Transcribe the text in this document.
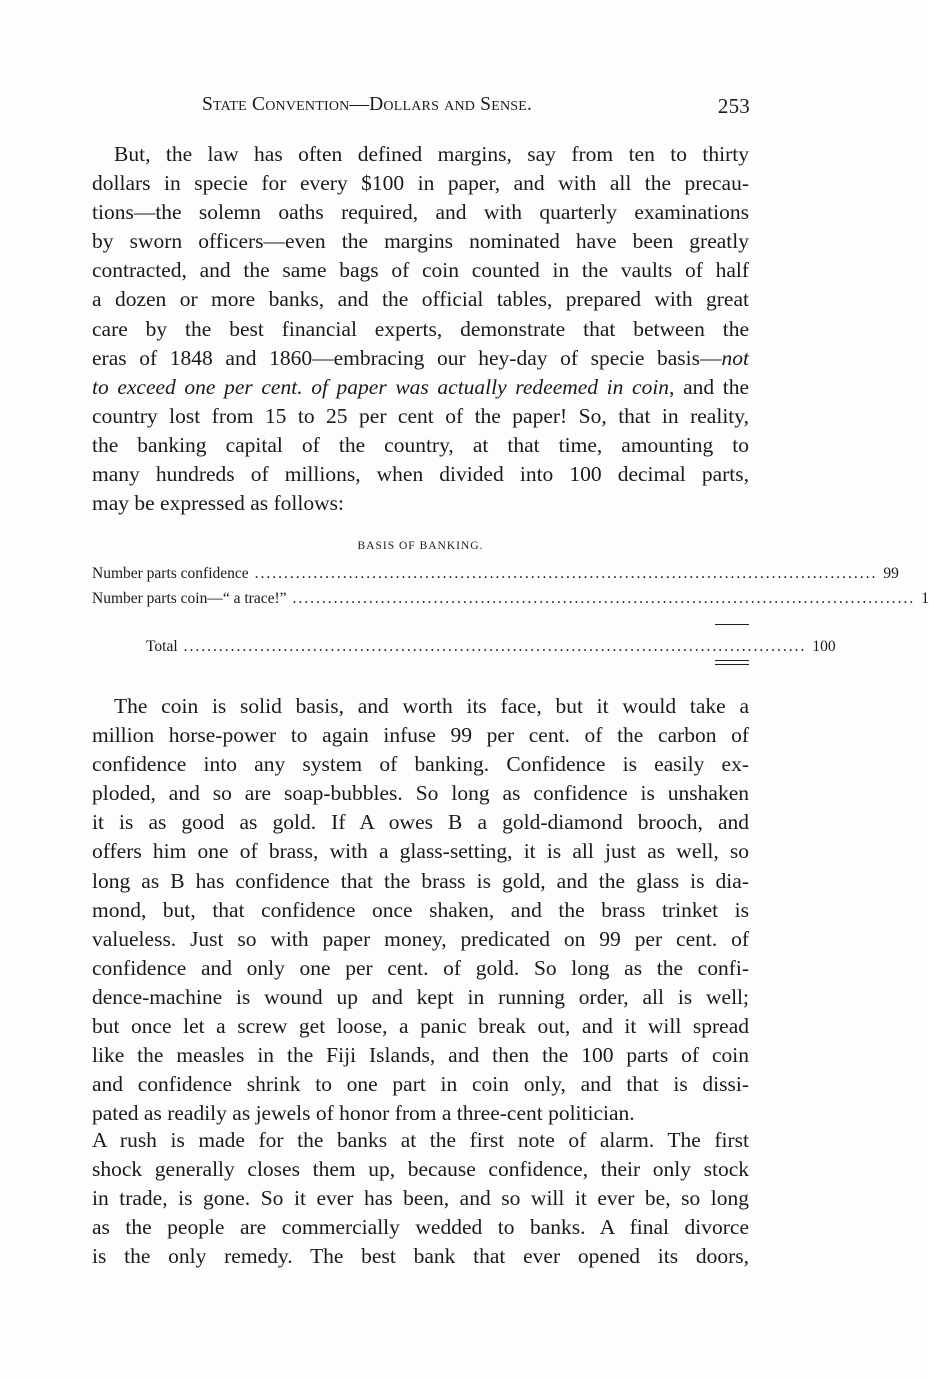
State Convention—Dollars and Sense.	253
But, the law has often defined margins, say from ten to thirty
dollars in specie for every $100 in paper, and with all the precau-
tions—the solemn oaths required, and with quarterly examinations
by sworn officers—even the margins nominated have been greatly
contracted, and the same bags of coin counted in the vaults of half
a dozen or more banks, and the official tables, prepared with great
care by the best financial experts, demonstrate that between the
eras of 1848 and 1860—embracing our hey-day of specie basis—not
to exceed one per cent. of paper was actually redeemed in coin, and the
country lost from 15 to 25 per cent of the paper! So, that in reality,
the banking capital of the country, at that time, amounting to
many hundreds of millions, when divided into 100 decimal parts,
may be expressed as follows:
BASIS OF BANKING.
Number parts confidence .......................................................................................................... 99
Number parts coin—“ a trace!” .......................................................................................................... 1
Total .......................................................................................................... 100
The coin is solid basis, and worth its face, but it would take a
million horse-power to again infuse 99 per cent. of the carbon of
confidence into any system of banking. Confidence is easily ex-
ploded, and so are soap-bubbles. So long as confidence is unshaken
it is as good as gold. If A owes B a gold-diamond brooch, and
offers him one of brass, with a glass-setting, it is all just as well, so
long as B has confidence that the brass is gold, and the glass is dia-
mond, but, that confidence once shaken, and the brass trinket is
valueless. Just so with paper money, predicated on 99 per cent. of
confidence and only one per cent. of gold. So long as the confi-
dence-machine is wound up and kept in running order, all is well;
but once let a screw get loose, a panic break out, and it will spread
like the measles in the Fiji Islands, and then the 100 parts of coin
and confidence shrink to one part in coin only, and that is dissi-
pated as readily as jewels of honor from a three-cent politician.
A rush is made for the banks at the first note of alarm. The first
shock generally closes them up, because confidence, their only stock
in trade, is gone. So it ever has been, and so will it ever be, so long
as the people are commercially wedded to banks. A final divorce
is the only remedy. The best bank that ever opened its doors,
